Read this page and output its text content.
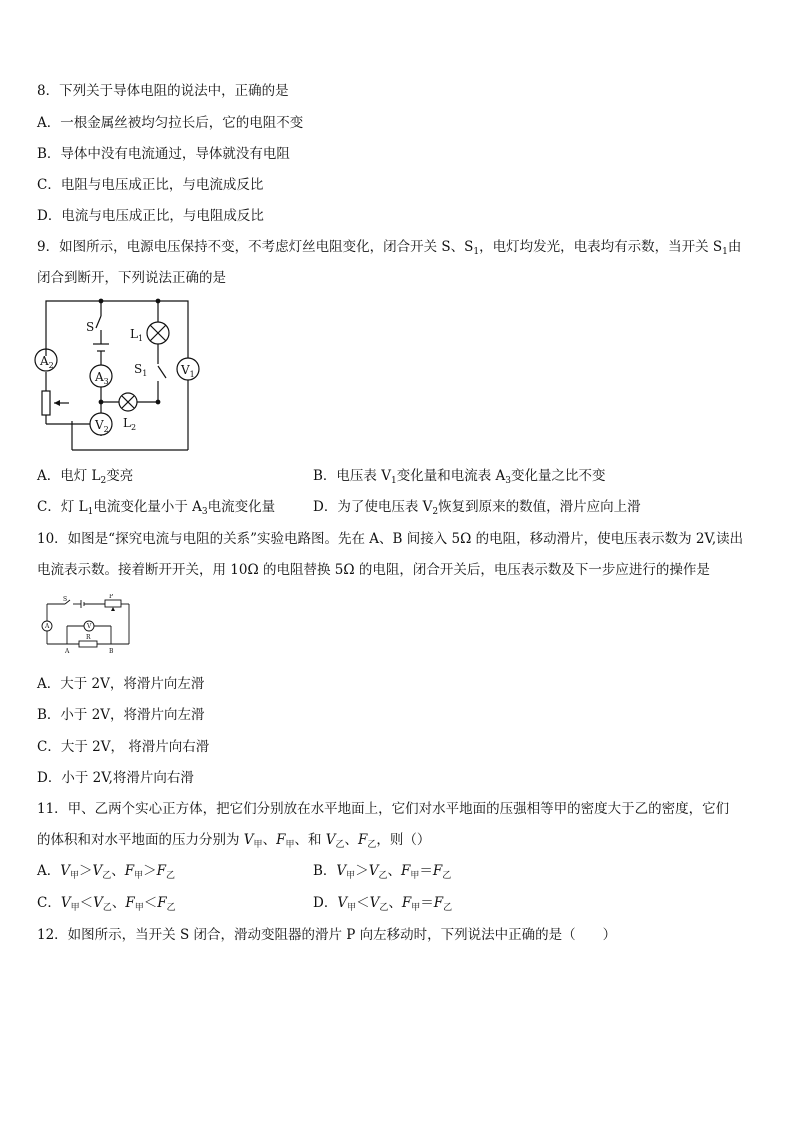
8．下列关于导体电阻的说法中，正确的是
A．一根金属丝被均匀拉长后，它的电阻不变
B．导体中没有电流通过，导体就没有电阻
C．电阻与电压成正比，与电流成反比
D．电流与电压成正比，与电阻成反比
9．如图所示，电源电压保持不变，不考虑灯丝电阻变化，闭合开关 S、$S_1$，电灯均发光，电表均有示数，当开关 $S_1$由
闭合到断开，下列说法正确的是
$A_2$
$A_3$
$V_1$
$V_2$
S
$S_1$
$L_1$
$L_2$
A．电灯 $L_2$变亮	B．电压表 $V_1$变化量和电流表 $A_3$变化量之比不变
C．灯 $L_1$电流变化量小于 $A_3$电流变化量	D．为了使电压表 $V_2$恢复到原来的数值，滑片应向上滑
10．如图是“探究电流与电阻的关系”实验电路图。先在 A、B 间接入 5Ω 的电阻，移动滑片，使电压表示数为 2V,读出
电流表示数。接着断开开关，用 10Ω 的电阻替换 5Ω 的电阻，闭合开关后，电压表示数及下一步应进行的操作是
S	P
A	V
R
A	B
A．大于 2V，将滑片向左滑
B．小于 2V，将滑片向左滑
C．大于 2V， 将滑片向右滑
D．小于 2V,将滑片向右滑
11．甲、乙两个实心正方体，把它们分别放在水平地面上，它们对水平地面的压强相等甲的密度大于乙的密度，它们
的体积和对水平地面的压力分别为 $V_甲$、$F_甲$、和 $V_乙$、$F_乙$，则（）
A．$V_甲>V_乙$、$F_甲>F_乙$	B．$V_甲>V_乙$、$F_甲=F_乙$
C．$V_甲<V_乙$、$F_甲<F_乙$	D．$V_甲<V_乙$、$F_甲=F_乙$
12．如图所示，当开关 S 闭合，滑动变阻器的滑片 P 向左移动时，下列说法中正确的是（　　）
